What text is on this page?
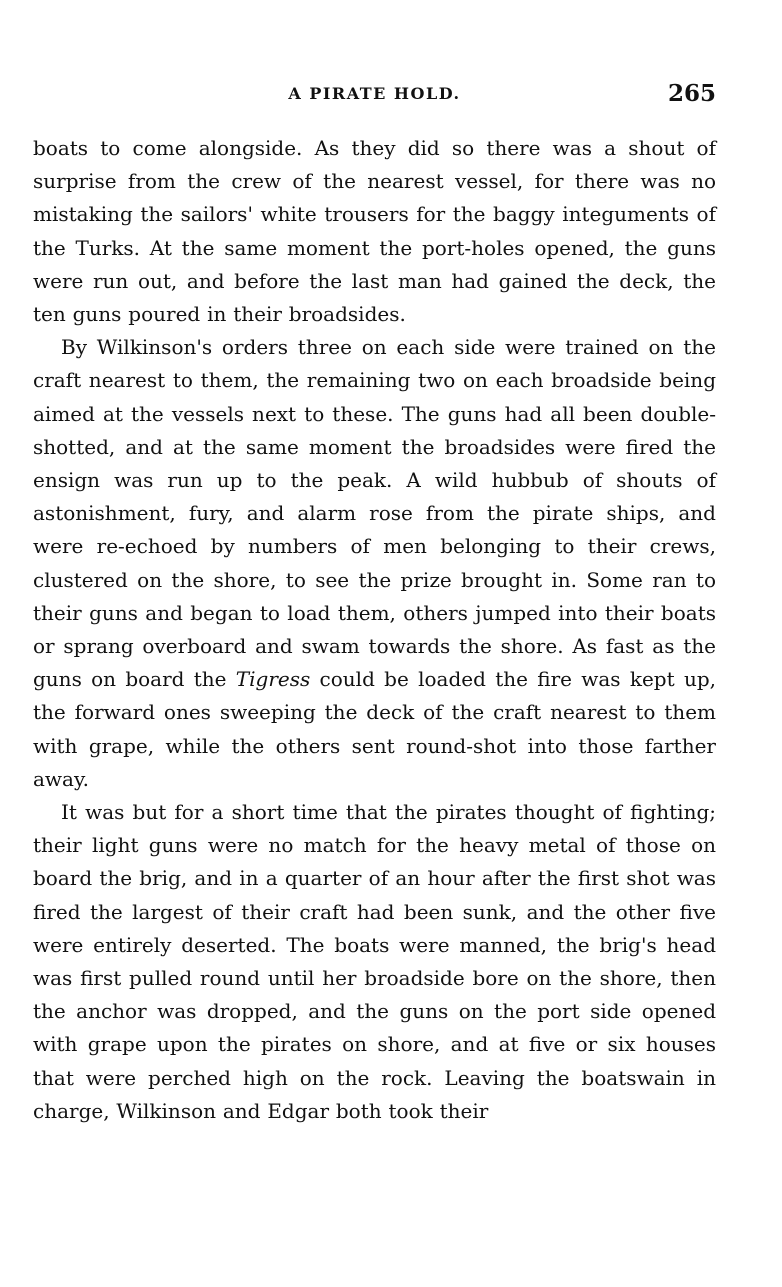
A PIRATE HOLD.	265

boats to come alongside. As they did so there was a shout of surprise from the crew of the nearest vessel, for there was no mistaking the sailors' white trousers for the baggy integuments of the Turks. At the same moment the port-holes opened, the guns were run out, and before the last man had gained the deck, the ten guns poured in their broadsides.

By Wilkinson's orders three on each side were trained on the craft nearest to them, the remaining two on each broadside being aimed at the vessels next to these. The guns had all been double-shotted, and at the same moment the broadsides were fired the ensign was run up to the peak. A wild hubbub of shouts of astonishment, fury, and alarm rose from the pirate ships, and were re-echoed by numbers of men belonging to their crews, clustered on the shore, to see the prize brought in. Some ran to their guns and began to load them, others jumped into their boats or sprang overboard and swam towards the shore. As fast as the guns on board the Tigress could be loaded the fire was kept up, the forward ones sweeping the deck of the craft nearest to them with grape, while the others sent round-shot into those farther away.

It was but for a short time that the pirates thought of fighting; their light guns were no match for the heavy metal of those on board the brig, and in a quarter of an hour after the first shot was fired the largest of their craft had been sunk, and the other five were entirely deserted. The boats were manned, the brig's head was first pulled round until her broadside bore on the shore, then the anchor was dropped, and the guns on the port side opened with grape upon the pirates on shore, and at five or six houses that were perched high on the rock. Leaving the boatswain in charge, Wilkinson and Edgar both took their
